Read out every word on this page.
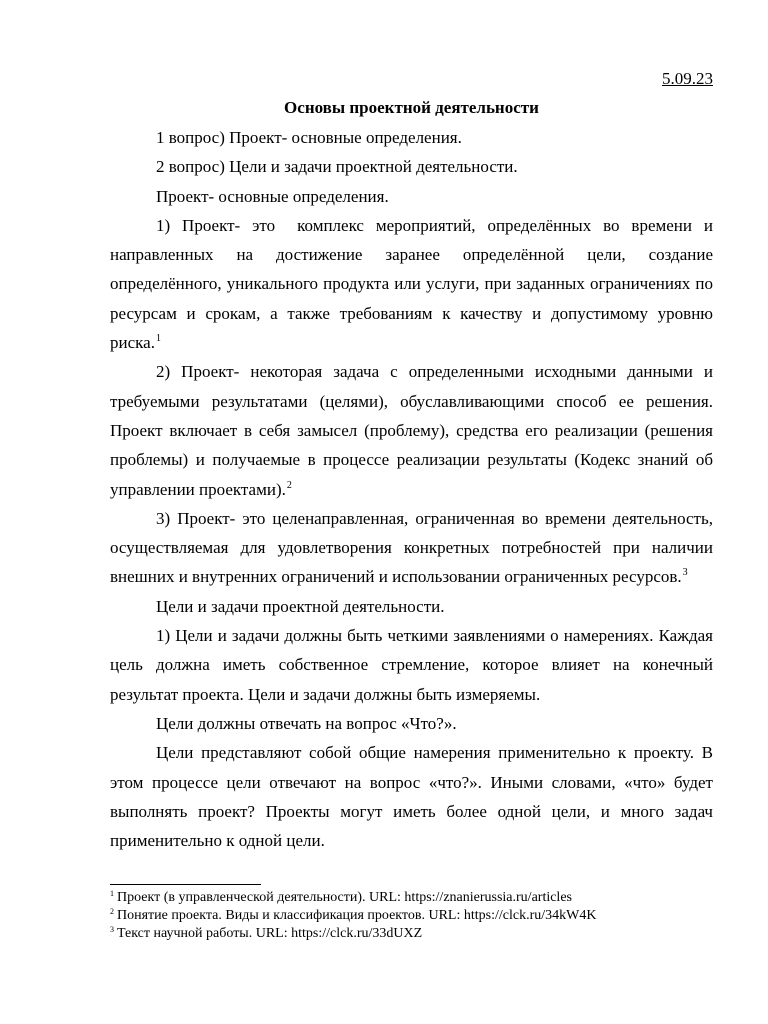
5.09.23
Основы проектной деятельности

1 вопрос) Проект- основные определения.

2 вопрос) Цели и задачи проектной деятельности.

Проект- основные определения.

1) Проект- это комплекс мероприятий, определённых во времени и направленных на достижение заранее определённой цели, создание определённого, уникального продукта или услуги, при заданных ограничениях по ресурсам и срокам, а также требованиям к качеству и допустимому уровню риска.$^1$

2) Проект- некоторая задача с определенными исходными данными и требуемыми результатами (целями), обуславливающими способ ее решения. Проект включает в себя замысел (проблему), средства его реализации (решения проблемы) и получаемые в процессе реализации результаты (Кодекс знаний об управлении проектами).$^2$

3) Проект- это целенаправленная, ограниченная во времени деятельность, осуществляемая для удовлетворения конкретных потребностей при наличии внешних и внутренних ограничений и использовании ограниченных ресурсов.$^3$

Цели и задачи проектной деятельности.

1) Цели и задачи должны быть четкими заявлениями о намерениях. Каждая цель должна иметь собственное стремление, которое влияет на конечный результат проекта. Цели и задачи должны быть измеряемы.

Цели должны отвечать на вопрос «Что?».

Цели представляют собой общие намерения применительно к проекту. В этом процессе цели отвечают на вопрос «что?». Иными словами, «что» будет выполнять проект? Проекты могут иметь более одной цели, и много задач применительно к одной цели.

$^1$ Проект (в управленческой деятельности). URL: https://znanierussia.ru/articles
$^2$ Понятие проекта. Виды и классификация проектов. URL: https://clck.ru/34kW4K
$^3$ Текст научной работы. URL: https://clck.ru/33dUXZ
